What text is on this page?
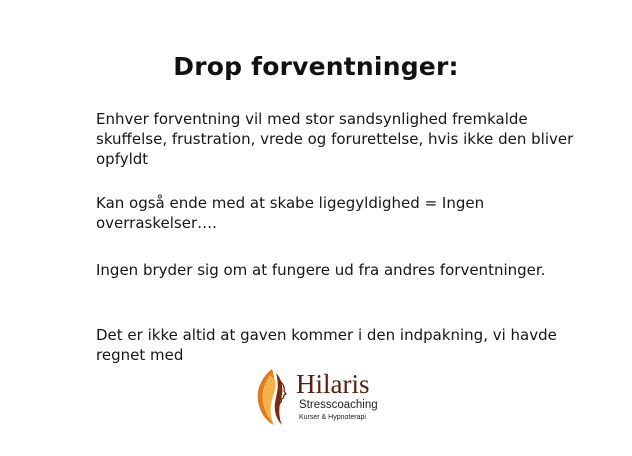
Drop forventninger:
Enhver forventning vil med stor sandsynlighed fremkalde skuffelse, frustration, vrede og forurettelse, hvis ikke den bliver opfyldt
Kan også ende med at skabe ligegyldighed = Ingen overraskelser….
Ingen bryder sig om at fungere ud fra andres forventninger.
Det er ikke altid at gaven kommer i den indpakning, vi havde regnet med
Hilaris
Stresscoaching
Kurser & Hypnoterapi
